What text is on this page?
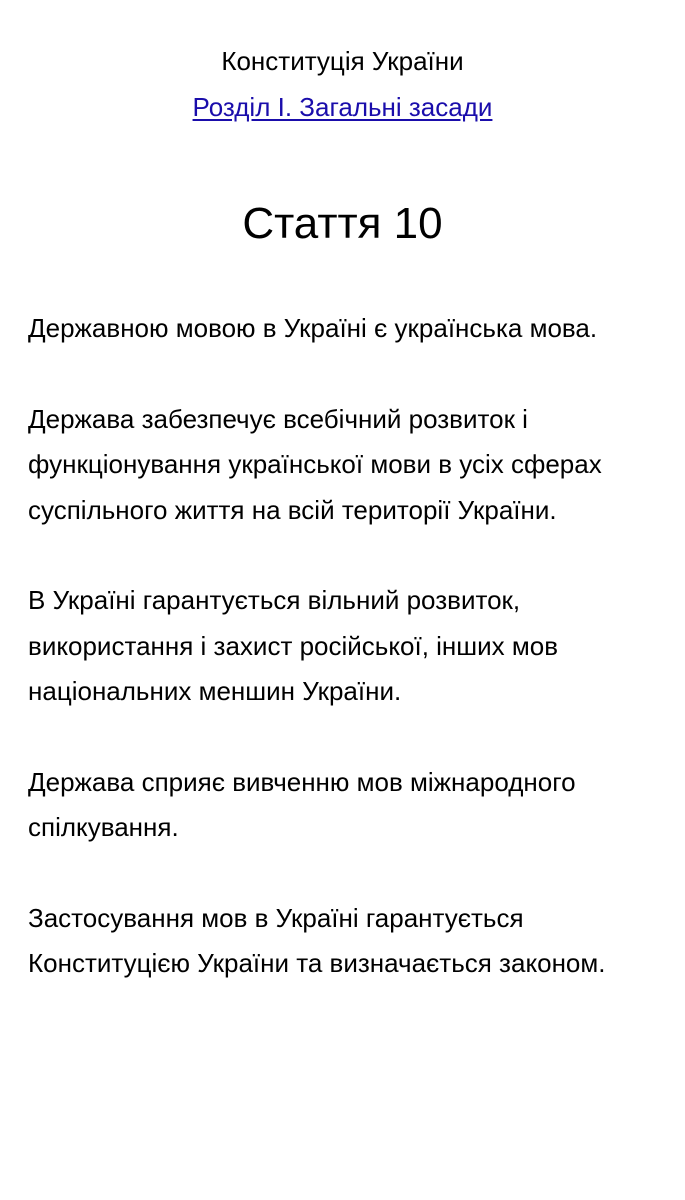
Конституція України
Розділ I. Загальні засади
Стаття 10

Державною мовою в Україні є українська мова.

Держава забезпечує всебічний розвиток і функціонування української мови в усіх сферах суспільного життя на всій території України.

В Україні гарантується вільний розвиток, використання і захист російської, інших мов національних меншин України.

Держава сприяє вивченню мов міжнародного спілкування.

Застосування мов в Україні гарантується Конституцією України та визначається законом.
